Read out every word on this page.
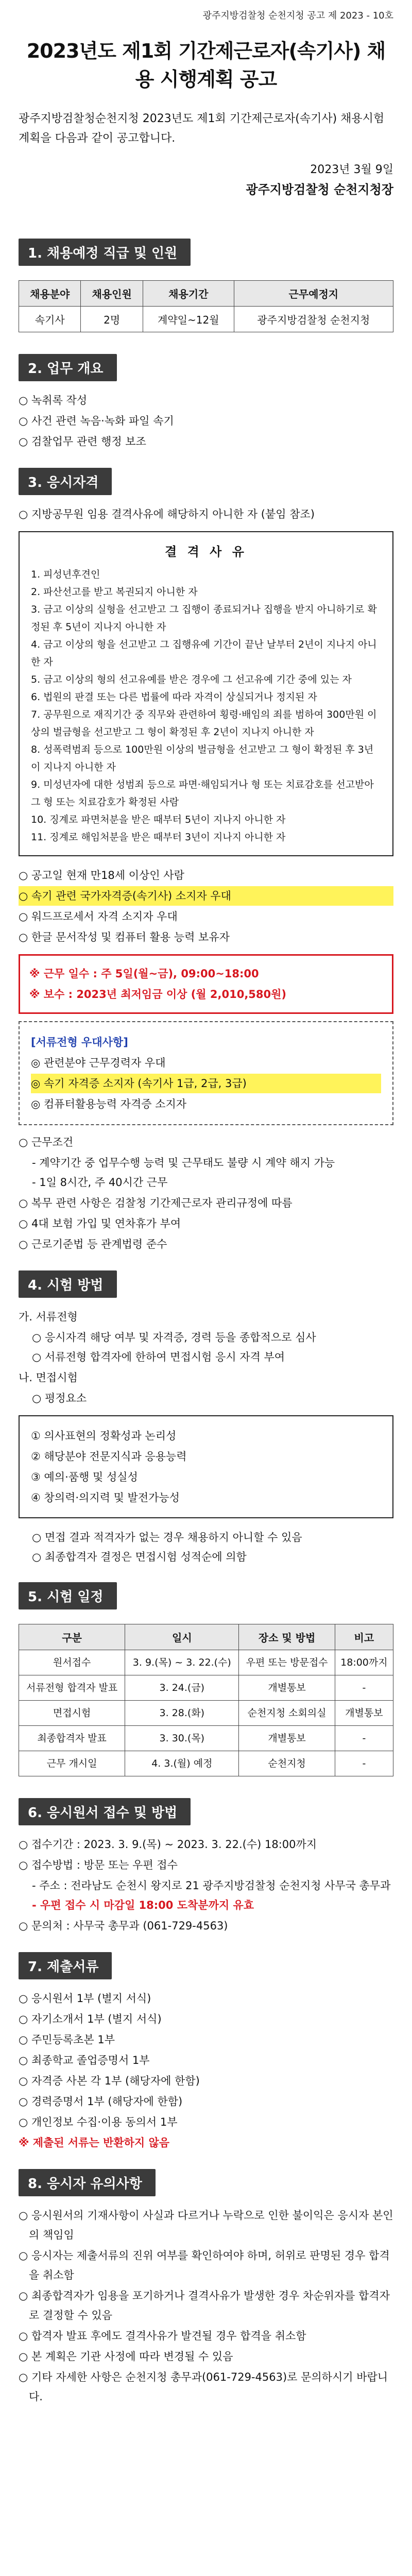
광주지방검찰청 순천지청 공고 제 2023 - 10호
2023년도 제1회 기간제근로자(속기사) 채용 시행계획 공고
광주지방검찰청순천지청 2023년도 제1회 기간제근로자(속기사) 채용시험 계획을 다음과 같이 공고합니다.
2023년 3월 9일
광주지방검찰청 순천지청장
1. 채용예정 직급 및 인원
채용분야	채용인원	채용기간	근무예정지
속기사	2명	계약일~12월	광주지방검찰청 순천지청
2. 업무 개요
○ 녹취록 작성
○ 사건 관련 녹음·녹화 파일 속기
○ 검찰업무 관련 행정 보조
3. 응시자격
○ 지방공무원 임용 결격사유에 해당하지 아니한 자 (붙임 참조)
결 격 사 유
1. 피성년후견인
2. 파산선고를 받고 복권되지 아니한 자
3. 금고 이상의 실형을 선고받고 그 집행이 종료되거나 집행을 받지 아니하기로 확정된 후 5년이 지나지 아니한 자
4. 금고 이상의 형을 선고받고 그 집행유예 기간이 끝난 날부터 2년이 지나지 아니한 자
5. 금고 이상의 형의 선고유예를 받은 경우에 그 선고유예 기간 중에 있는 자
6. 법원의 판결 또는 다른 법률에 따라 자격이 상실되거나 정지된 자
7. 공무원으로 재직기간 중 직무와 관련하여 횡령·배임의 죄를 범하여 300만원 이상의 벌금형을 선고받고 그 형이 확정된 후 2년이 지나지 아니한 자
8. 성폭력범죄 등으로 100만원 이상의 벌금형을 선고받고 그 형이 확정된 후 3년이 지나지 아니한 자
9. 미성년자에 대한 성범죄 등으로 파면·해임되거나 형 또는 치료감호를 선고받아 그 형 또는 치료감호가 확정된 사람
10. 징계로 파면처분을 받은 때부터 5년이 지나지 아니한 자
11. 징계로 해임처분을 받은 때부터 3년이 지나지 아니한 자
○ 공고일 현재 만18세 이상인 사람
○ 속기 관련 국가자격증(속기사) 소지자 우대
○ 워드프로세서 자격 소지자 우대
○ 한글 문서작성 및 컴퓨터 활용 능력 보유자
※ 근무 일수 : 주 5일(월~금), 09:00~18:00
※ 보수 : 2023년 최저임금 이상 (월 2,010,580원)
[서류전형 우대사항]
◎ 관련분야 근무경력자 우대
◎ 속기 자격증 소지자 (속기사 1급, 2급, 3급)
◎ 컴퓨터활용능력 자격증 소지자
○ 근무조건
- 계약기간 중 업무수행 능력 및 근무태도 불량 시 계약 해지 가능
- 1일 8시간, 주 40시간 근무
○ 복무 관련 사항은 검찰청 기간제근로자 관리규정에 따름
○ 4대 보험 가입 및 연차휴가 부여
○ 근로기준법 등 관계법령 준수
4. 시험 방법
가. 서류전형
○ 응시자격 해당 여부 및 자격증, 경력 등을 종합적으로 심사
○ 서류전형 합격자에 한하여 면접시험 응시 자격 부여
나. 면접시험
○ 평정요소
① 의사표현의 정확성과 논리성
② 해당분야 전문지식과 응용능력
③ 예의·품행 및 성실성
④ 창의력·의지력 및 발전가능성
○ 면접 결과 적격자가 없는 경우 채용하지 아니할 수 있음
○ 최종합격자 결정은 면접시험 성적순에 의함
5. 시험 일정
구분	일시	장소 및 방법	비고
원서접수	3. 9.(목) ~ 3. 22.(수)	우편 또는 방문접수	18:00까지
서류전형 합격자 발표	3. 24.(금)	개별통보	-
면접시험	3. 28.(화)	순천지청 소회의실	개별통보
최종합격자 발표	3. 30.(목)	개별통보	-
근무 개시일	4. 3.(월) 예정	순천지청	-
6. 응시원서 접수 및 방법
○ 접수기간 : 2023. 3. 9.(목) ~ 2023. 3. 22.(수) 18:00까지
○ 접수방법 : 방문 또는 우편 접수
- 주소 : 전라남도 순천시 왕지로 21 광주지방검찰청 순천지청 사무국 총무과
- 우편 접수 시 마감일 18:00 도착분까지 유효
○ 문의처 : 사무국 총무과 (061-729-4563)
7. 제출서류
○ 응시원서 1부 (별지 서식)
○ 자기소개서 1부 (별지 서식)
○ 주민등록초본 1부
○ 최종학교 졸업증명서 1부
○ 자격증 사본 각 1부 (해당자에 한함)
○ 경력증명서 1부 (해당자에 한함)
○ 개인정보 수집·이용 동의서 1부
※ 제출된 서류는 반환하지 않음
8. 응시자 유의사항
○ 응시원서의 기재사항이 사실과 다르거나 누락으로 인한 불이익은 응시자 본인의 책임임
○ 응시자는 제출서류의 진위 여부를 확인하여야 하며, 허위로 판명된 경우 합격을 취소함
○ 최종합격자가 임용을 포기하거나 결격사유가 발생한 경우 차순위자를 합격자로 결정할 수 있음
○ 합격자 발표 후에도 결격사유가 발견될 경우 합격을 취소함
○ 본 계획은 기관 사정에 따라 변경될 수 있음
○ 기타 자세한 사항은 순천지청 총무과(061-729-4563)로 문의하시기 바랍니다.
